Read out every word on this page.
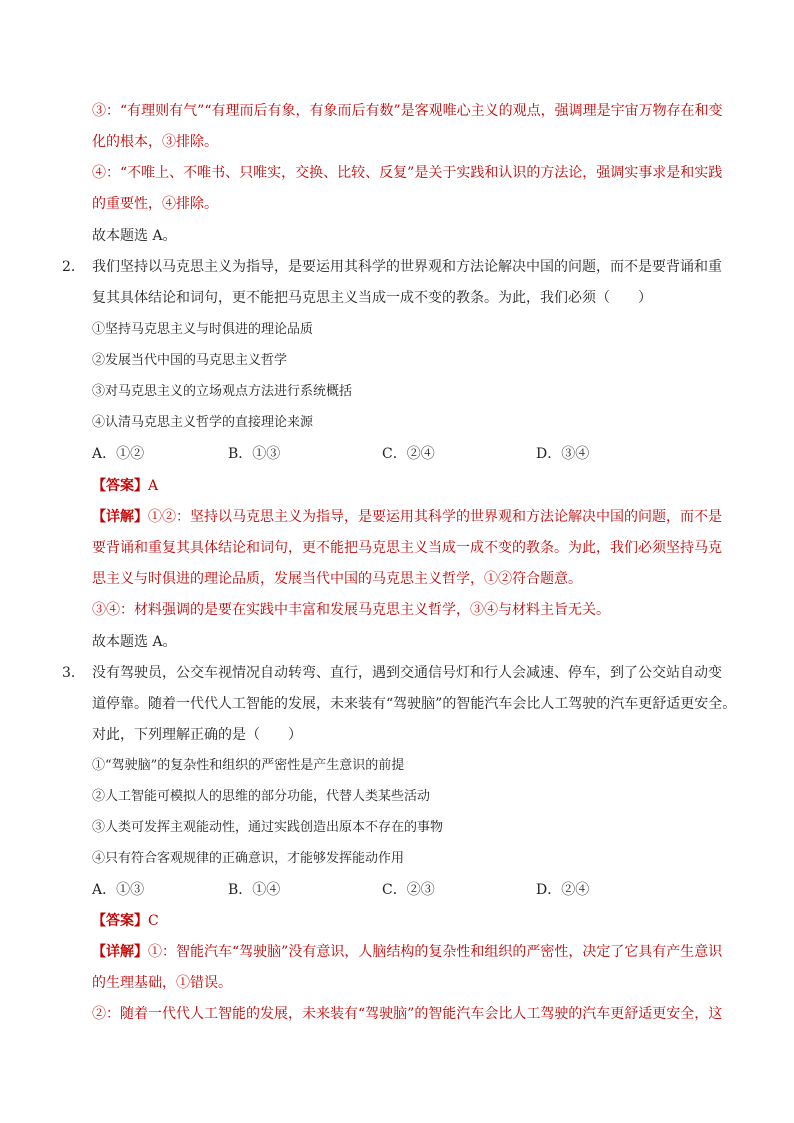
③：“有理则有气”“有理而后有象，有象而后有数”是客观唯心主义的观点，强调理是宇宙万物存在和变
化的根本，③排除。
④：“不唯上、不唯书、只唯实，交换、比较、反复”是关于实践和认识的方法论，强调实事求是和实践
的重要性，④排除。
故本题选 A。
2． 我们坚持以马克思主义为指导，是要运用其科学的世界观和方法论解决中国的问题，而不是要背诵和重
复其具体结论和词句，更不能把马克思主义当成一成不变的教条。为此，我们必须（　　）
①坚持马克思主义与时俱进的理论品质
②发展当代中国的马克思主义哲学
③对马克思主义的立场观点方法进行系统概括
④认清马克思主义哲学的直接理论来源
A．①②	B．①③	C．②④	D．③④
【答案】A
【详解】①②：坚持以马克思主义为指导，是要运用其科学的世界观和方法论解决中国的问题，而不是
要背诵和重复其具体结论和词句，更不能把马克思主义当成一成不变的教条。为此，我们必须坚持马克
思主义与时俱进的理论品质，发展当代中国的马克思主义哲学，①②符合题意。
③④：材料强调的是要在实践中丰富和发展马克思主义哲学，③④与材料主旨无关。
故本题选 A。
3． 没有驾驶员，公交车视情况自动转弯、直行，遇到交通信号灯和行人会减速、停车，到了公交站自动变
道停靠。随着一代代人工智能的发展，未来装有“驾驶脑”的智能汽车会比人工驾驶的汽车更舒适更安全。
对此，下列理解正确的是（　　）
①“驾驶脑”的复杂性和组织的严密性是产生意识的前提
②人工智能可模拟人的思维的部分功能，代替人类某些活动
③人类可发挥主观能动性，通过实践创造出原本不存在的事物
④只有符合客观规律的正确意识，才能够发挥能动作用
A．①③	B．①④	C．②③	D．②④
【答案】C
【详解】①：智能汽车“驾驶脑”没有意识，人脑结构的复杂性和组织的严密性，决定了它具有产生意识
的生理基础，①错误。
②：随着一代代人工智能的发展，未来装有“驾驶脑”的智能汽车会比人工驾驶的汽车更舒适更安全，这
